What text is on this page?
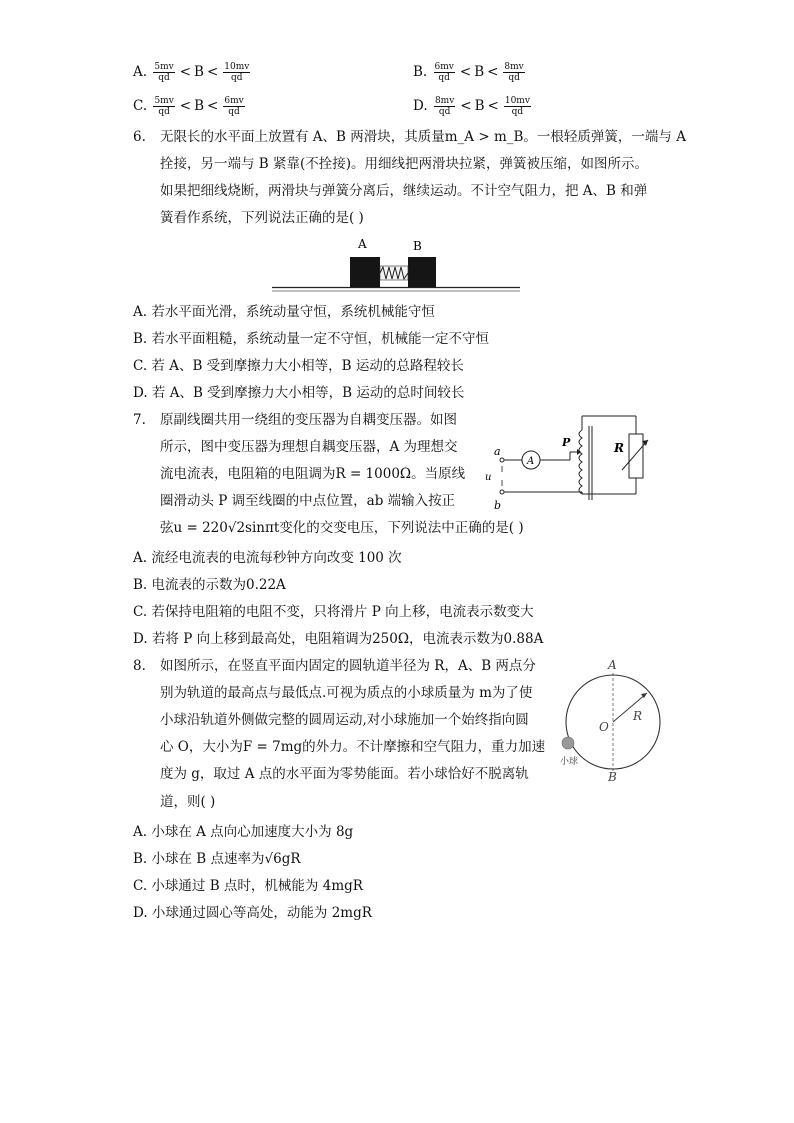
A. $\frac{5mv}{qd} < B < \frac{10mv}{qd}$	B. $\frac{6mv}{qd} < B < \frac{8mv}{qd}$
C. $\frac{5mv}{qd} < B < \frac{6mv}{qd}$	D. $\frac{8mv}{qd} < B < \frac{10mv}{qd}$
6. 无限长的水平面上放置有 A、B 两滑块，其质量m_A > m_B。一根轻质弹簧，一端与 A
拴接，另一端与 B 紧靠(不拴接)。用细线把两滑块拉紧，弹簧被压缩，如图所示。
如果把细线烧断，两滑块与弹簧分离后，继续运动。不计空气阻力，把 A、B 和弹
簧看作系统，下列说法正确的是( )
A	B
A. 若水平面光滑，系统动量守恒，系统机械能守恒
B. 若水平面粗糙，系统动量一定不守恒，机械能一定不守恒
C. 若 A、B 受到摩擦力大小相等，B 运动的总路程较长
D. 若 A、B 受到摩擦力大小相等，B 运动的总时间较长
7. 原副线圈共用一绕组的变压器为自耦变压器。如图
所示，图中变压器为理想自耦变压器，A 为理想交
流电流表，电阻箱的电阻调为R = 1000Ω。当原线
圈滑动头 P 调至线圈的中点位置，ab 端输入按正
弦u = 220√2sinπt变化的交变电压，下列说法中正确的是( )
a
b
u
A
P	R
A. 流经电流表的电流每秒钟方向改变 100 次
B. 电流表的示数为0.22A
C. 若保持电阻箱的电阻不变，只将滑片 P 向上移，电流表示数变大
D. 若将 P 向上移到最高处，电阻箱调为250Ω，电流表示数为0.88A
8. 如图所示，在竖直平面内固定的圆轨道半径为 R，A、B 两点分
别为轨道的最高点与最低点.可视为质点的小球质量为 m为了使
小球沿轨道外侧做完整的圆周运动,对小球施加一个始终指向圆
心 O，大小为F = 7mg的外力。不计摩擦和空气阻力，重力加速
度为 g，取过 A 点的水平面为零势能面。若小球恰好不脱离轨
道，则( )
A
R
O
小球
B
A. 小球在 A 点向心加速度大小为 8g
B. 小球在 B 点速率为√6gR
C. 小球通过 B 点时，机械能为 4mgR
D. 小球通过圆心等高处，动能为 2mgR
